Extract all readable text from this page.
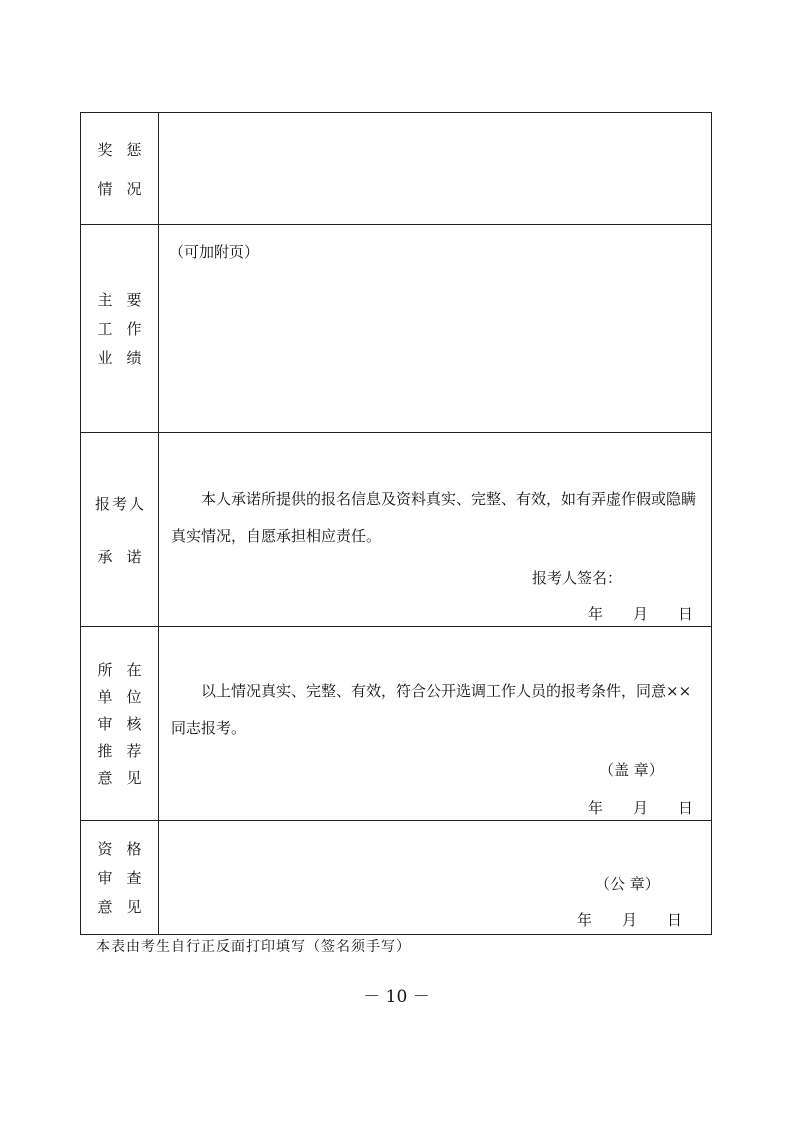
奖惩
情况	

主要
工作
业绩	（可加附页）

报考人
承诺	本人承诺所提供的报名信息及资料真实、完整、有效，如有弄虚作假或隐瞒真实情况，自愿承担相应责任。
报考人签名：
年　　月　　日

所在
单位
审核
推荐
意见	以上情况真实、完整、有效，符合公开选调工作人员的报考条件，同意××同志报考。
（盖 章）
年　　月　　日

资格
审查
意见	（公 章）
年　　月　　日
本表由考生自行正反面打印填写（签名须手写）
－ 10 －
